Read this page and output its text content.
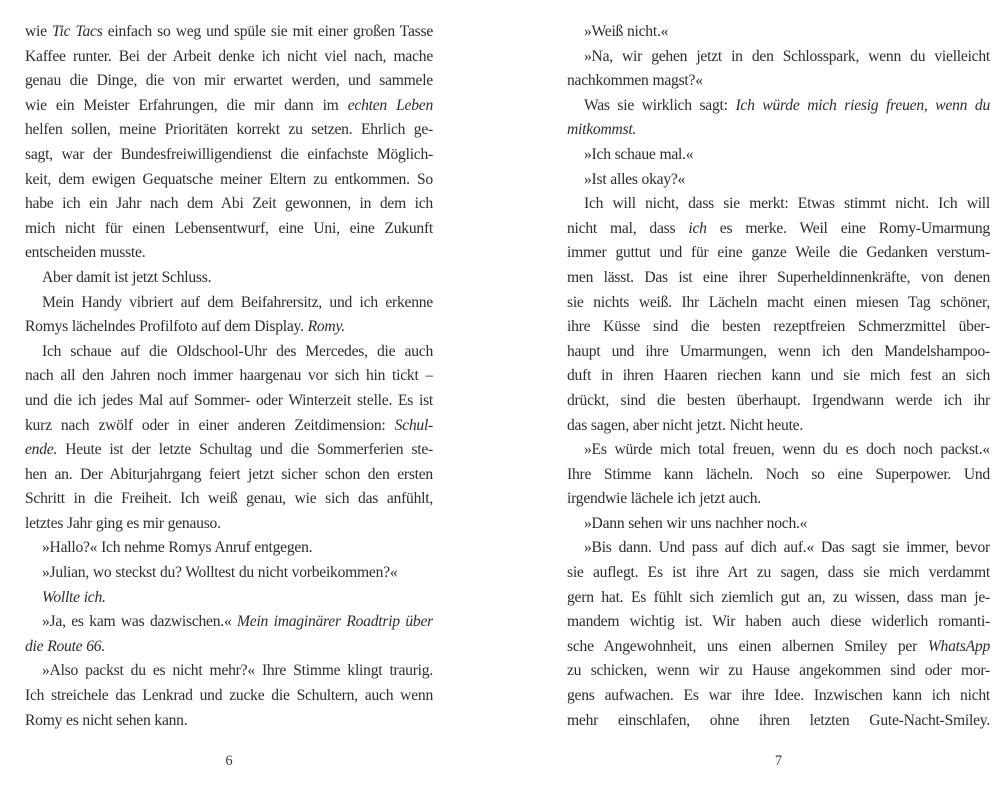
wie Tic Tacs einfach so weg und spüle sie mit einer großen Tasse
Kaffee runter. Bei der Arbeit denke ich nicht viel nach, mache
genau die Dinge, die von mir erwartet werden, und sammele
wie ein Meister Erfahrungen, die mir dann im echten Leben
helfen sollen, meine Prioritäten korrekt zu setzen. Ehrlich ge-
sagt, war der Bundesfreiwilligendienst die einfachste Möglich-
keit, dem ewigen Gequatsche meiner Eltern zu entkommen. So
habe ich ein Jahr nach dem Abi Zeit gewonnen, in dem ich
mich nicht für einen Lebensentwurf, eine Uni, eine Zukunft
entscheiden musste.
Aber damit ist jetzt Schluss.
Mein Handy vibriert auf dem Beifahrersitz, und ich erkenne
Romys lächelndes Profilfoto auf dem Display. Romy.
Ich schaue auf die Oldschool-Uhr des Mercedes, die auch
nach all den Jahren noch immer haargenau vor sich hin tickt –
und die ich jedes Mal auf Sommer- oder Winterzeit stelle. Es ist
kurz nach zwölf oder in einer anderen Zeitdimension: Schul-
ende. Heute ist der letzte Schultag und die Sommerferien ste-
hen an. Der Abiturjahrgang feiert jetzt sicher schon den ersten
Schritt in die Freiheit. Ich weiß genau, wie sich das anfühlt,
letztes Jahr ging es mir genauso.
»Hallo?« Ich nehme Romys Anruf entgegen.
»Julian, wo steckst du? Wolltest du nicht vorbeikommen?«
Wollte ich.
»Ja, es kam was dazwischen.« Mein imaginärer Roadtrip über
die Route 66.
»Also packst du es nicht mehr?« Ihre Stimme klingt traurig.
Ich streichele das Lenkrad und zucke die Schultern, auch wenn
Romy es nicht sehen kann.
6
»Weiß nicht.«
»Na, wir gehen jetzt in den Schlosspark, wenn du vielleicht
nachkommen magst?«
Was sie wirklich sagt: Ich würde mich riesig freuen, wenn du
mitkommst.
»Ich schaue mal.«
»Ist alles okay?«
Ich will nicht, dass sie merkt: Etwas stimmt nicht. Ich will
nicht mal, dass ich es merke. Weil eine Romy-Umarmung
immer guttut und für eine ganze Weile die Gedanken verstum-
men lässt. Das ist eine ihrer Superheldinnenkräfte, von denen
sie nichts weiß. Ihr Lächeln macht einen miesen Tag schöner,
ihre Küsse sind die besten rezeptfreien Schmerzmittel über-
haupt und ihre Umarmungen, wenn ich den Mandelshampoo-
duft in ihren Haaren riechen kann und sie mich fest an sich
drückt, sind die besten überhaupt. Irgendwann werde ich ihr
das sagen, aber nicht jetzt. Nicht heute.
»Es würde mich total freuen, wenn du es doch noch packst.«
Ihre Stimme kann lächeln. Noch so eine Superpower. Und
irgendwie lächele ich jetzt auch.
»Dann sehen wir uns nachher noch.«
»Bis dann. Und pass auf dich auf.« Das sagt sie immer, bevor
sie auflegt. Es ist ihre Art zu sagen, dass sie mich verdammt
gern hat. Es fühlt sich ziemlich gut an, zu wissen, dass man je-
mandem wichtig ist. Wir haben auch diese widerlich romanti-
sche Angewohnheit, uns einen albernen Smiley per WhatsApp
zu schicken, wenn wir zu Hause angekommen sind oder mor-
gens aufwachen. Es war ihre Idee. Inzwischen kann ich nicht
mehr einschlafen, ohne ihren letzten Gute-Nacht-Smiley.
7
